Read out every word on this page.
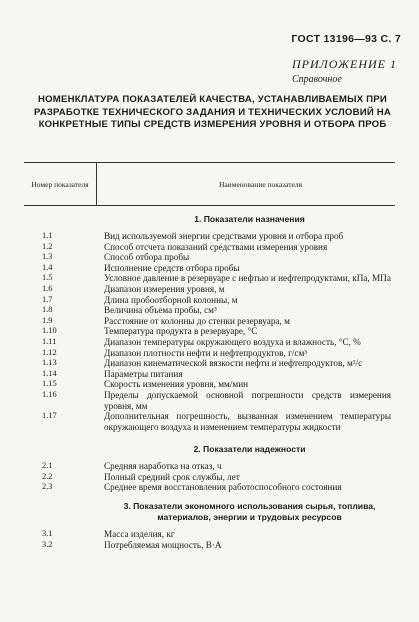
ГОСТ 13196—93 С. 7
ПРИЛОЖЕНИЕ 1
Справочное
НОМЕНКЛАТУРА ПОКАЗАТЕЛЕЙ КАЧЕСТВА, УСТАНАВЛИВАЕМЫХ ПРИ РАЗРАБОТКЕ ТЕХНИЧЕСКОГО ЗАДАНИЯ И ТЕХНИЧЕСКИХ УСЛОВИЙ НА КОНКРЕТНЫЕ ТИПЫ СРЕДСТВ ИЗМЕРЕНИЯ УРОВНЯ И ОТБОРА ПРОБ
Номер показателя	Наименование показателя
1. Показатели назначения
1.1	Вид используемой энергии средствами уровня и отбора проб
1.2	Способ отсчета показаний средствами измерения уровня
1.3	Способ отбора пробы
1.4	Исполнение средств отбора пробы
1.5	Условное давление в резервуаре с нефтью и нефтепродуктами, кПа, МПа
1.6	Диапазон измерения уровня, м
1.7	Длина пробоотборной колонны, м
1.8	Величина объема пробы, см³
1.9	Расстояние от колонны до стенки резервуара, м
1.10	Температура продукта в резервуаре, °С
1.11	Диапазон температуры окружающего воздуха и влажность, °С, %
1.12	Диапазон плотности нефти и нефтепродуктов, г/см³
1.13	Диапазон кинематической вязкости нефти и нефтепродуктов, м²/с
1.14	Параметры питания
1.15	Скорость изменения уровня, мм/мин
1.16	Пределы допускаемой основной погрешности средств измерения уровня, мм
1.17	Дополнительная погрешность, вызванная изменением температуры окружающего воздуха и изменением температуры жидкости
2. Показатели надежности
2.1	Средняя наработка на отказ, ч
2.2	Полный средний срок службы, лет
2.3	Среднее время восстановления работоспособного состояния
3. Показатели экономного использования сырья, топлива, материалов, энергии и трудовых ресурсов
3.1	Масса изделия, кг
3.2	Потребляемая мощность, В·А
